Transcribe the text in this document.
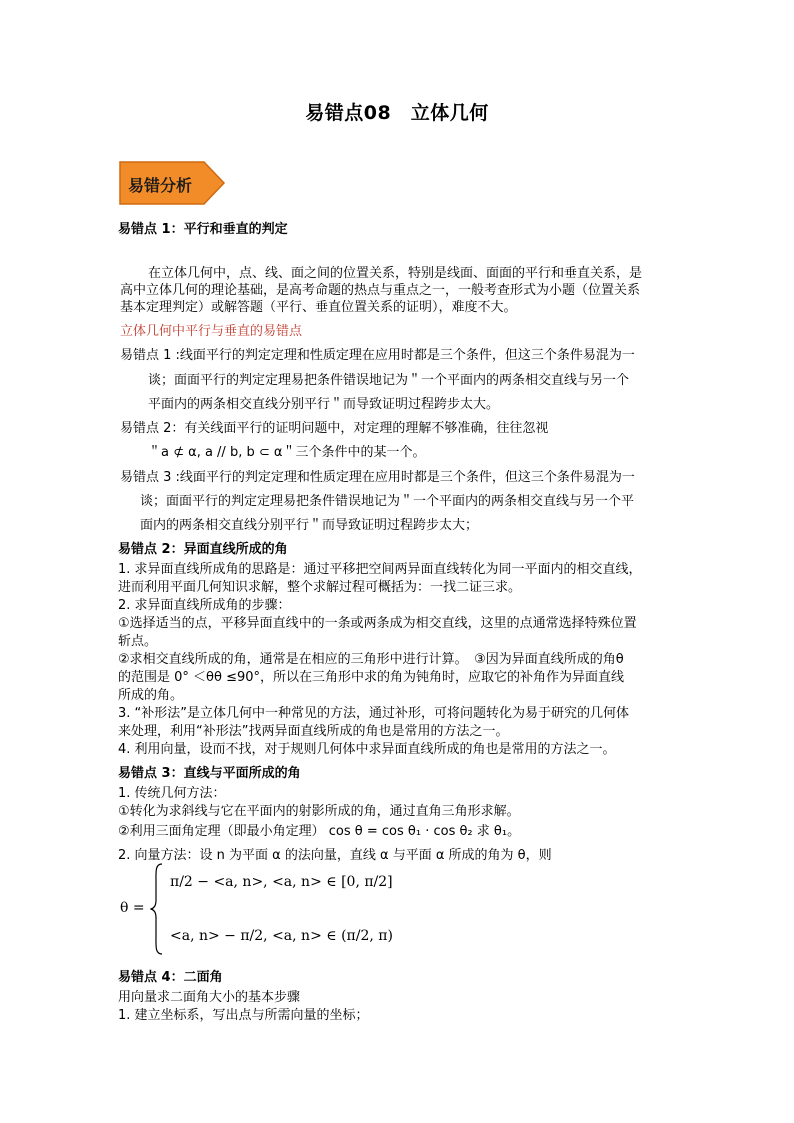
易错点08　立体几何
易错分析
易错点 1：平行和垂直的判定
在立体几何中，点、线、面之间的位置关系，特别是线面、面面的平行和垂直关系，是
高中立体几何的理论基础，是高考命题的热点与重点之一，一般考查形式为小题（位置关系
基本定理判定）或解答题（平行、垂直位置关系的证明），难度不大。
立体几何中平行与垂直的易错点
易错点 1 :线面平行的判定定理和性质定理在应用时都是三个条件，但这三个条件易混为一
谈；面面平行的判定定理易把条件错误地记为＂一个平面内的两条相交直线与另一个
平面内的两条相交直线分别平行＂而导致证明过程跨步太大。
易错点 2：有关线面平行的证明问题中，对定理的理解不够准确，往往忽视
＂a ⊄ α, a // b, b ⊂ α＂三个条件中的某一个。
易错点 3 :线面平行的判定定理和性质定理在应用时都是三个条件，但这三个条件易混为一
谈；面面平行的判定定理易把条件错误地记为＂一个平面内的两条相交直线与另一个平
面内的两条相交直线分别平行＂而导致证明过程跨步太大；
易错点 2：异面直线所成的角
1. 求异面直线所成角的思路是：通过平移把空间两异面直线转化为同一平面内的相交直线，
进而利用平面几何知识求解，整个求解过程可概括为：一找二证三求。
2. 求异面直线所成角的步骤：
①选择适当的点，平移异面直线中的一条或两条成为相交直线，这里的点通常选择特殊位置
斩点。
②求相交直线所成的角，通常是在相应的三角形中进行计算。　③因为异面直线所成的角θ
的范围是 0° ＜θθ ≤90°，所以在三角形中求的角为钝角时，应取它的补角作为异面直线
所成的角。
3. “补形法”是立体几何中一种常见的方法，通过补形，可将问题转化为易于研究的几何体
来处理，利用“补形法”找两异面直线所成的角也是常用的方法之一。
4. 利用向量，设而不找，对于规则几何体中求异面直线所成的角也是常用的方法之一。
易错点 3：直线与平面所成的角
1. 传统几何方法：
①转化为求斜线与它在平面内的射影所成的角，通过直角三角形求解。
②利用三面角定理（即最小角定理） cos θ = cos θ₁ · cos θ₂ 求 θ₁。
2. 向量方法：设 n 为平面 α 的法向量，直线 α 与平面 α 所成的角为 θ，则
θ =
π/2 − <a, n>, <a, n> ∈ [0, π/2]
<a, n> − π/2, <a, n> ∈ (π/2, π)
易错点 4：二面角
用向量求二面角大小的基本步骤
1. 建立坐标系，写出点与所需向量的坐标；
